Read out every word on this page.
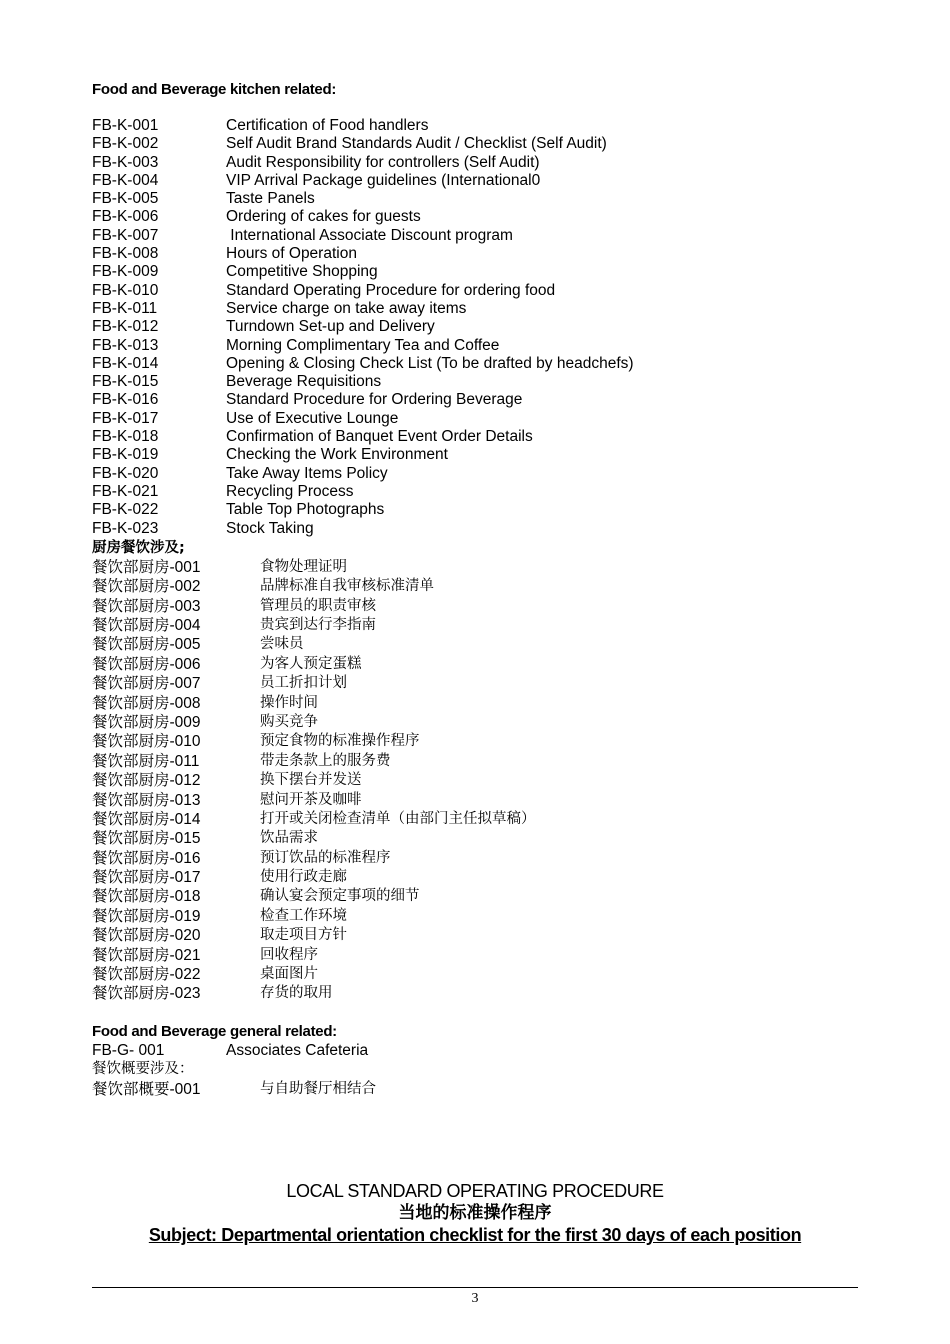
Food and Beverage kitchen related:
FB-K-001	Certification of Food handlers
FB-K-002	Self Audit Brand Standards Audit / Checklist (Self Audit)
FB-K-003	Audit Responsibility for controllers (Self Audit)
FB-K-004	VIP Arrival Package guidelines (International0
FB-K-005	Taste Panels
FB-K-006	Ordering of cakes for guests
FB-K-007	International Associate Discount program
FB-K-008	Hours of Operation
FB-K-009	Competitive Shopping
FB-K-010	Standard Operating Procedure for ordering food
FB-K-011	Service charge on take away items
FB-K-012	Turndown Set-up and Delivery
FB-K-013	Morning Complimentary Tea and Coffee
FB-K-014	Opening & Closing Check List (To be drafted by headchefs)
FB-K-015	Beverage Requisitions
FB-K-016	Standard Procedure for Ordering Beverage
FB-K-017	Use of Executive Lounge
FB-K-018	Confirmation of Banquet Event Order Details
FB-K-019	Checking the Work Environment
FB-K-020	Take Away Items Policy
FB-K-021	Recycling Process
FB-K-022	Table Top Photographs
FB-K-023	Stock Taking
厨房餐饮涉及;
餐饮部厨房-001	食物处理证明
餐饮部厨房-002	品牌标准自我审核标准清单
餐饮部厨房-003	管理员的职责审核
餐饮部厨房-004	贵宾到达行李指南
餐饮部厨房-005	尝味员
餐饮部厨房-006	为客人预定蛋糕
餐饮部厨房-007	员工折扣计划
餐饮部厨房-008	操作时间
餐饮部厨房-009	购买竞争
餐饮部厨房-010	预定食物的标准操作程序
餐饮部厨房-011	带走条款上的服务费
餐饮部厨房-012	换下摆台并发送
餐饮部厨房-013	慰问开茶及咖啡
餐饮部厨房-014	打开或关闭检查清单（由部门主任拟草稿）
餐饮部厨房-015	饮品需求
餐饮部厨房-016	预订饮品的标准程序
餐饮部厨房-017	使用行政走廊
餐饮部厨房-018	确认宴会预定事项的细节
餐饮部厨房-019	检查工作环境
餐饮部厨房-020	取走项目方针
餐饮部厨房-021	回收程序
餐饮部厨房-022	桌面图片
餐饮部厨房-023	存货的取用
Food and Beverage general related:
FB-G- 001	Associates Cafeteria
餐饮概要涉及：
餐饮部概要-001	与自助餐厅相结合
LOCAL STANDARD OPERATING PROCEDURE
当地的标准操作程序
Subject: Departmental orientation checklist for the first 30 days of each position
3
